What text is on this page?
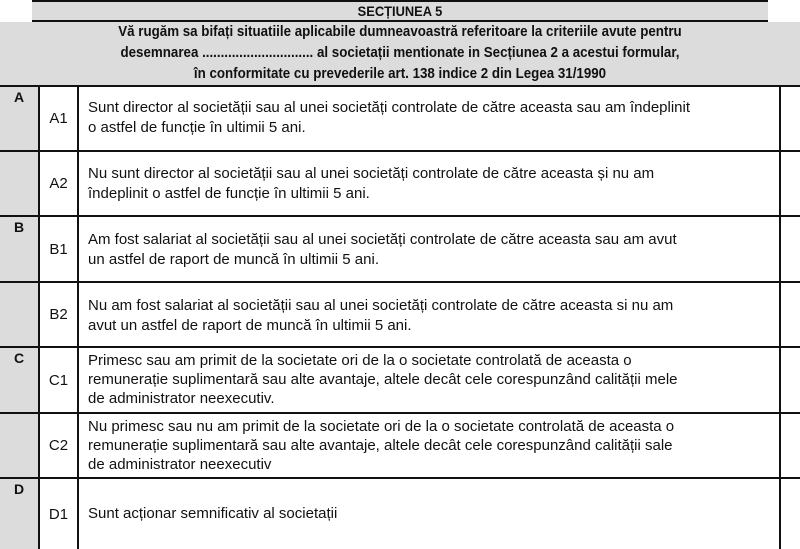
SECȚIUNEA 5
Vă rugăm sa bifați situatiile aplicabile dumneavoastră referitoare la criteriile avute pentru
desemnarea .............................. al societații mentionate in Secțiunea 2 a acestui formular,
în conformitate cu prevederile art. 138 indice 2 din Legea 31/1990
A
B
C
D
A1
Sunt director al societății sau al unei societăți controlate de către aceasta sau am îndeplinit
o astfel de funcție în ultimii 5 ani.
A2
Nu sunt director al societății sau al unei societăți controlate de către aceasta și nu am
îndeplinit o astfel de funcție în ultimii 5 ani.
B1
Am fost salariat al societății sau al unei societăți controlate de către aceasta sau am avut
un astfel de raport de muncă în ultimii 5 ani.
B2
Nu am fost salariat al societății sau al unei societăți controlate de către aceasta si nu am
avut un astfel de raport de muncă în ultimii 5 ani.
C1
Primesc sau am primit de la societate ori de la o societate controlată de aceasta o
remunerație suplimentară sau alte avantaje, altele decât cele corespunzând calității mele
de administrator neexecutiv.
C2
Nu primesc sau nu am primit de la societate ori de la o societate controlată de aceasta o
remunerație suplimentară sau alte avantaje, altele decât cele corespunzând calității sale
de administrator neexecutiv
D1	Sunt acționar semnificativ al societații
